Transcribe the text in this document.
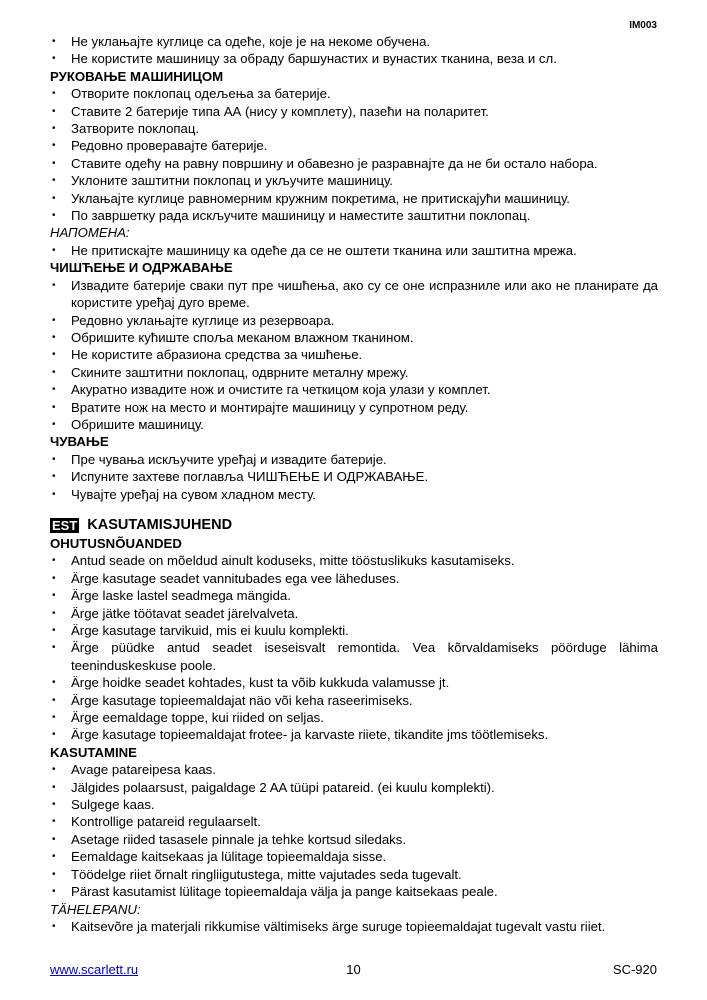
IM003
• Не уклањајте куглице са одеће, које је на некоме обучена.
• Не користите машиницу за обраду баршунастих и вунастих тканина, веза и сл.
РУКОВАЊЕ МАШИНИЦОМ
• Отворите поклопац одељења за батерије.
• Ставите 2 батерије типа АА (нису у комплету), пазећи на поларитет.
• Затворите поклопац.
• Редовно проверавајте батерије.
• Ставите одећу на равну површину и обавезно је разравнајте да не би остало набора.
• Уклоните заштитни поклопац и укључите машиницу.
• Уклањајте куглице равномерним кружним покретима, не притискајући машиницу.
• По завршетку рада искључите машиницу и наместите заштитни поклопац.
НАПОМЕНА:
• Не притискајте машиницу ка одеће да се не оштети тканина или заштитна мрежа.
ЧИШЋЕЊЕ И ОДРЖАВАЊЕ
• Извадите батерије сваки пут пре чишћења, ако су се оне испразниле или ако не планирате да користите уређај дуго време.
• Редовно уклањајте куглице из резервоара.
• Обришите кућиште споља меканом влажном тканином.
• Не користите абразиона средства за чишћење.
• Скините заштитни поклопац, одврните металну мрежу.
• Акуратно извадите нож и очистите га четкицом која улази у комплет.
• Вратите нож на место и монтирајте машиницу у супротном реду.
• Обришите машиницу.
ЧУВАЊЕ
• Пре чувања искључите уређај и извадите батерије.
• Испуните захтеве поглавља ЧИШЋЕЊЕ И ОДРЖАВАЊЕ.
• Чувајте уређај на сувом хладном месту.
EST KASUTAMISJUHEND
OHUTUSNÕUANDED
• Antud seade on mõeldud ainult koduseks, mitte tööstuslikuks kasutamiseks.
• Ärge kasutage seadet vannitubades ega vee läheduses.
• Ärge laske lastel seadmega mängida.
• Ärge jätke töötavat seadet järelvalveta.
• Ärge kasutage tarvikuid, mis ei kuulu komplekti.
• Ärge püüdke antud seadet iseseisvalt remontida. Vea kõrvaldamiseks pöörduge lähima teeninduskeskuse poole.
• Ärge hoidke seadet kohtades, kust ta võib kukkuda valamusse jt.
• Ärge kasutage topieemaldajat näo või keha raseerimiseks.
• Ärge eemaldage toppe, kui riided on seljas.
• Ärge kasutage topieemaldajat frotee- ja karvaste riiete, tikandite jms töötlemiseks.
KASUTAMINE
• Avage patareipesa kaas.
• Jälgides polaarsust, paigaldage 2 AA tüüpi patareid. (ei kuulu komplekti).
• Sulgege kaas.
• Kontrollige patareid regulaarselt.
• Asetage riided tasasele pinnale ja tehke kortsud siledaks.
• Eemaldage kaitsekaas ja lülitage topieemaldaja sisse.
• Töödelge riiet õrnalt ringliigutustega, mitte vajutades seda tugevalt.
• Pärast kasutamist lülitage topieemaldaja välja ja pange kaitsekaas peale.
TÄHELEPANU:
• Kaitsevõre ja materjali rikkumise vältimiseks ärge suruge topieemaldajat tugevalt vastu riiet.
www.scarlett.ru	10	SC-920
